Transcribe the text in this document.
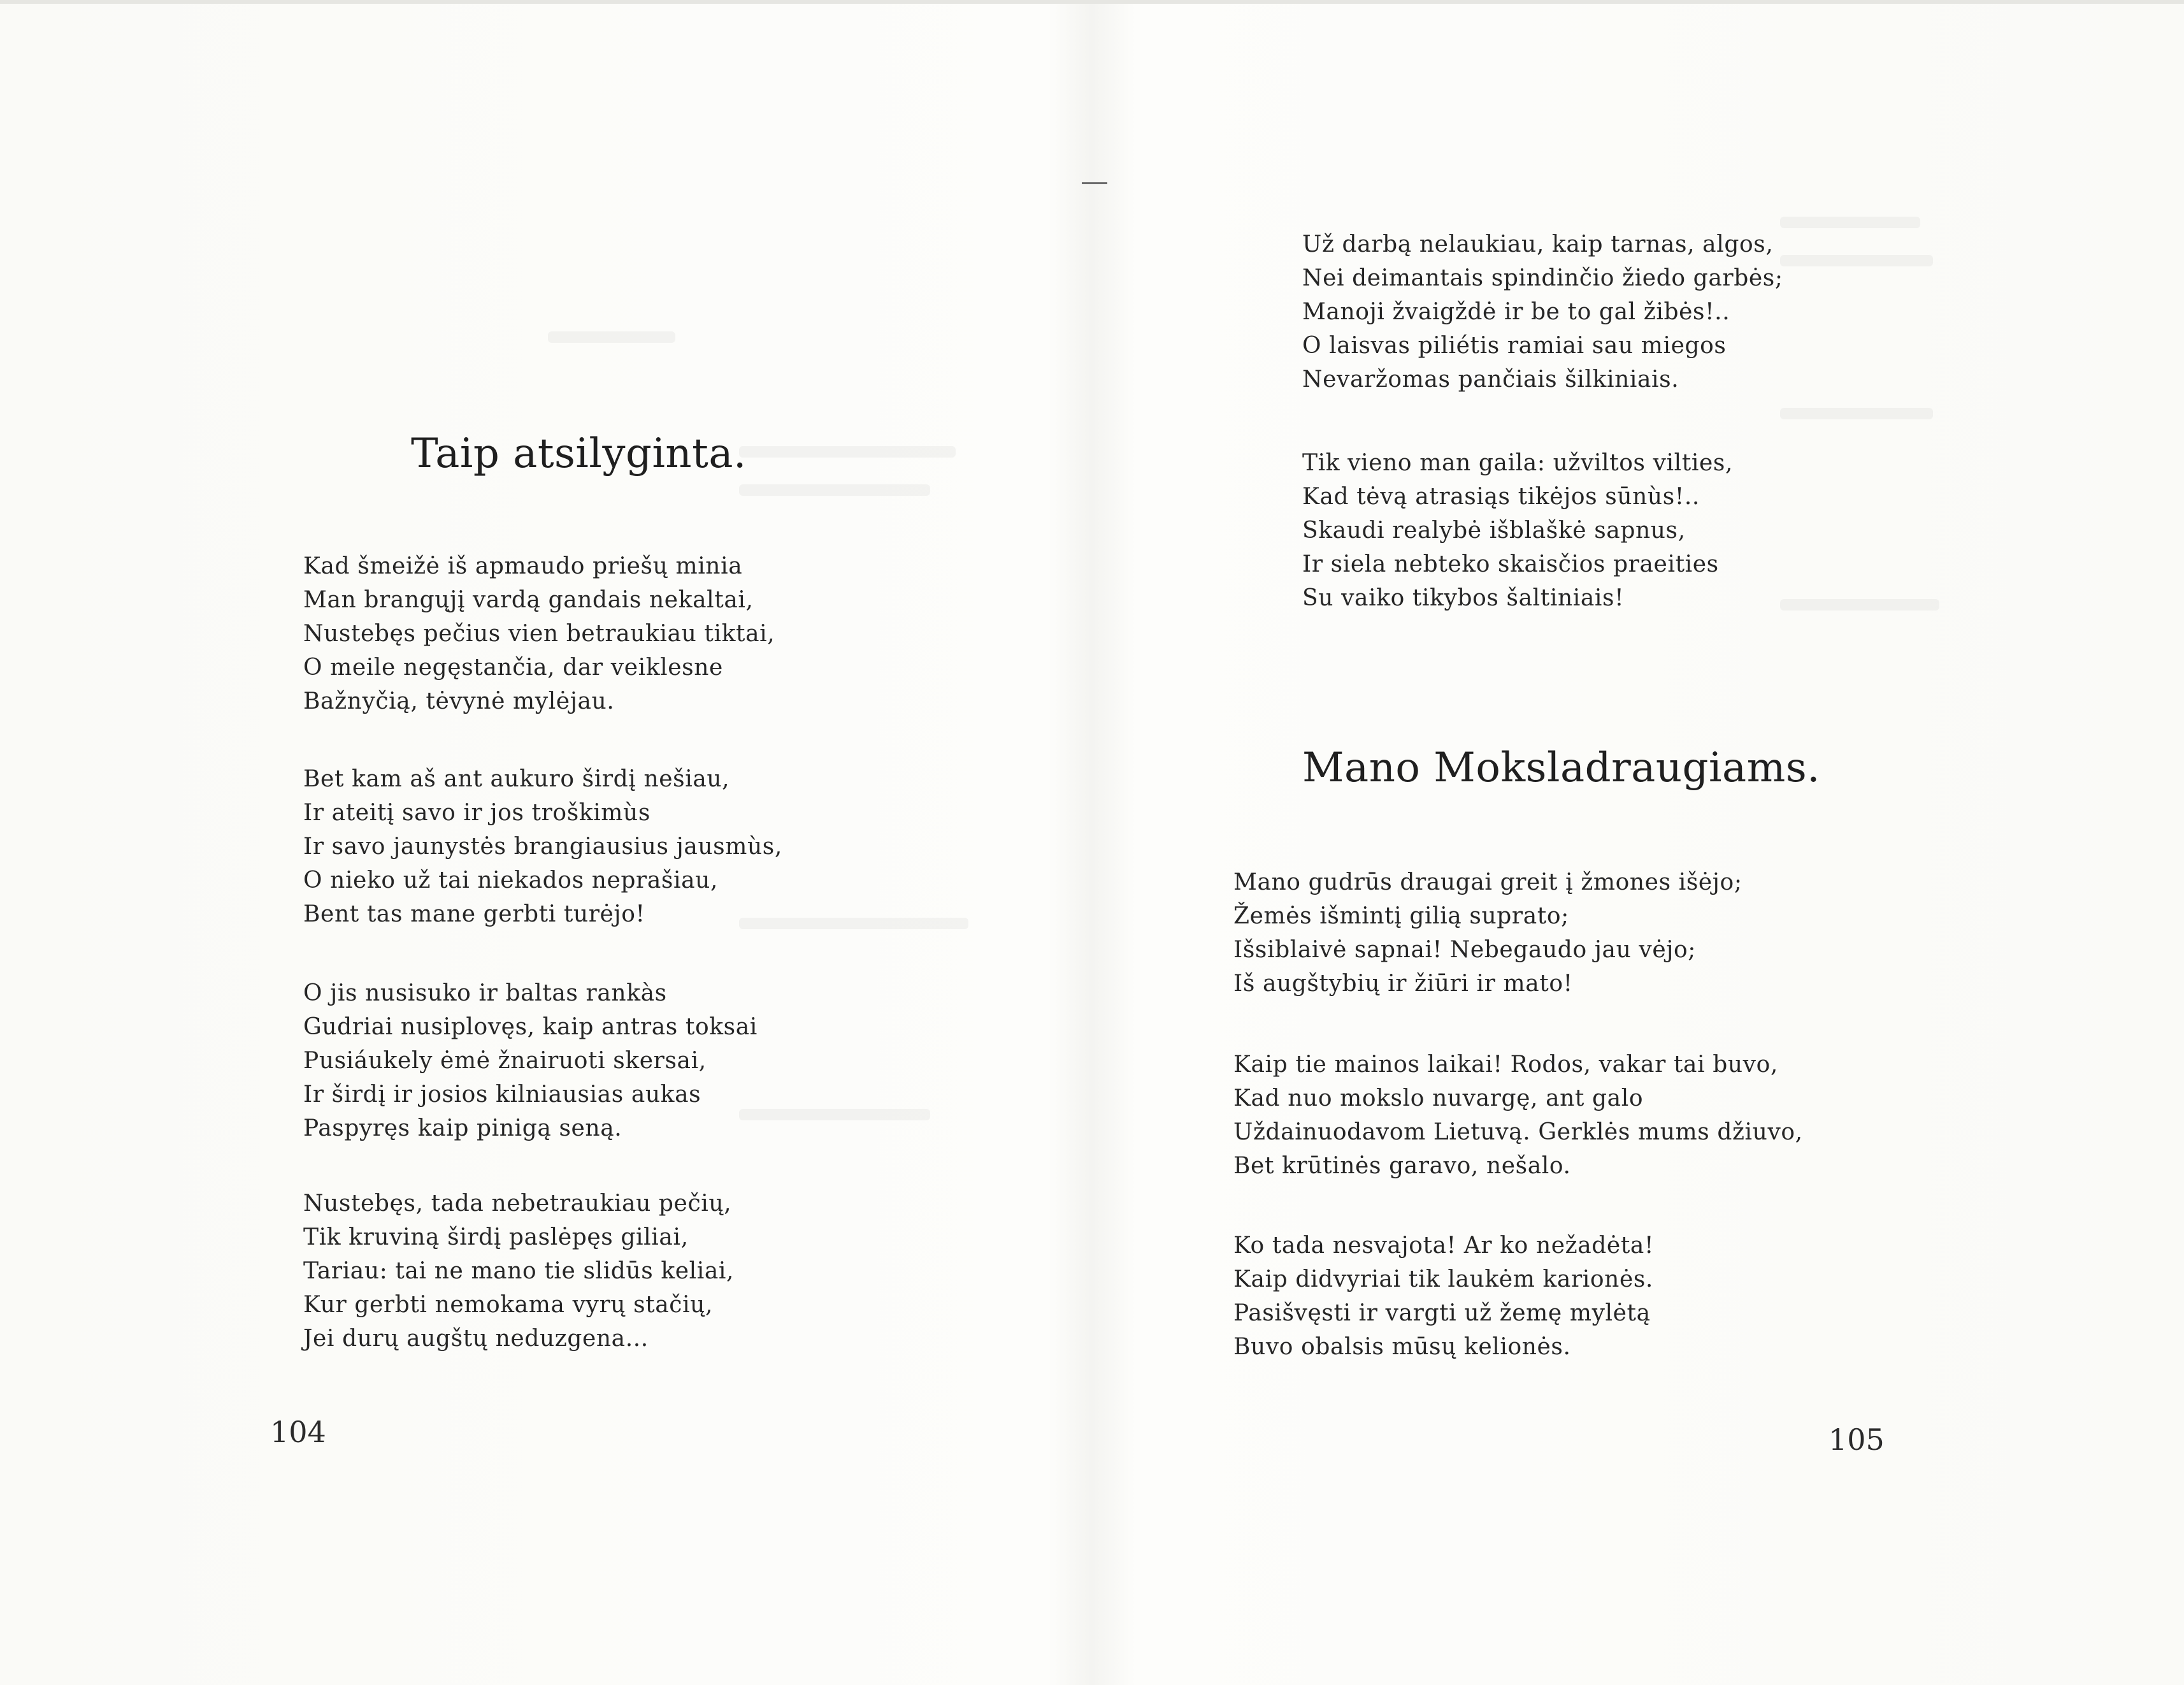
Taip atsilyginta.
Kad šmeižė iš apmaudo priešų minia
Man brangųjį vardą gandais nekaltai,
Nustebęs pečius vien betraukiau tiktai,
O meile negęstančia, dar veiklesne
Bažnyčią, tėvynė mylėjau.
Bet kam aš ant aukuro širdį nešiau,
Ir ateitį savo ir jos troškimùs
Ir savo jaunystės brangiausius jausmùs,
O nieko už tai niekados neprašiau,
Bent tas mane gerbti turėjo!
O jis nusisuko ir baltas rankàs
Gudriai nusiplovęs, kaip antras toksai
Pusiáukely ėmė žnairuoti skersai,
Ir širdį ir josios kilniausias aukas
Paspyręs kaip pinigą seną.
Nustebęs, tada nebetraukiau pečių,
Tik kruviną širdį paslėpęs giliai,
Tariau: tai ne mano tie slidūs keliai,
Kur gerbti nemokama vyrų stačių,
Jei durų augštų neduzgena...

104

Už darbą nelaukiau, kaip tarnas, algos,
Nei deimantais spindinčio žiedo garbės;
Manoji žvaigždė ir be to gal žibės!..
O laisvas piliétis ramiai sau miegos
Nevaržomas pančiais šilkiniais.
Tik vieno man gaila: užviltos vilties,
Kad tėvą atrasiąs tikėjos sūnùs!..
Skaudi realybė išblaškė sapnus,
Ir siela nebteko skaisčios praeities
Su vaiko tikybos šaltiniais!
Mano Moksladraugiams.
Mano gudrūs draugai greit į žmones išėjo;
Žemės išmintį gilią suprato;
Išsiblaivė sapnai! Nebegaudo jau vėjo;
Iš augštybių ir žiūri ir mato!
Kaip tie mainos laikai! Rodos, vakar tai buvo,
Kad nuo mokslo nuvargę, ant galo
Uždainuodavom Lietuvą. Gerklės mums džiuvo,
Bet krūtinės garavo, nešalo.
Ko tada nesvajota! Ar ko nežadėta!
Kaip didvyriai tik laukėm karionės.
Pasišvęsti ir vargti už žemę mylėtą
Buvo obalsis mūsų kelionės.

105
